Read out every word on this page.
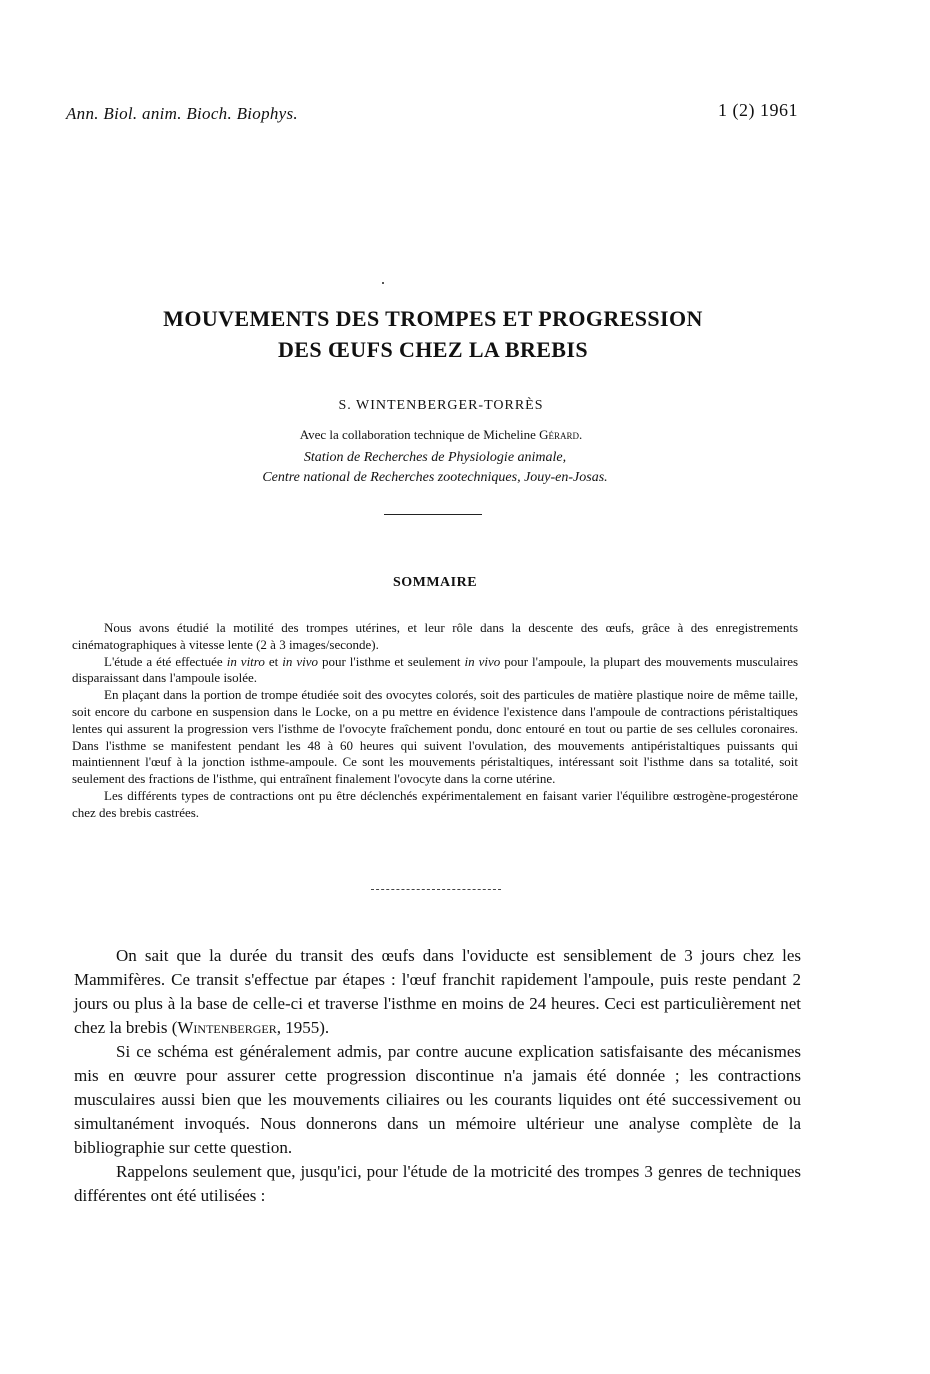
Ann. Biol. anim. Bioch. Biophys.	1 (2) 1961
MOUVEMENTS DES TROMPES ET PROGRESSION
DES ŒUFS CHEZ LA BREBIS
S. WINTENBERGER-TORRÈS
Avec la collaboration technique de Micheline Gérard.
Station de Recherches de Physiologie animale,
Centre national de Recherches zootechniques, Jouy-en-Josas.
SOMMAIRE

Nous avons étudié la motilité des trompes utérines, et leur rôle dans la descente des œufs, grâce à des enregistrements cinématographiques à vitesse lente (2 à 3 images/seconde).

L'étude a été effectuée in vitro et in vivo pour l'isthme et seulement in vivo pour l'ampoule, la plupart des mouvements musculaires disparaissant dans l'ampoule isolée.

En plaçant dans la portion de trompe étudiée soit des ovocytes colorés, soit des particules de matière plastique noire de même taille, soit encore du carbone en suspension dans le Locke, on a pu mettre en évidence l'existence dans l'ampoule de contractions péristaltiques lentes qui assurent la progression vers l'isthme de l'ovocyte fraîchement pondu, donc entouré en tout ou partie de ses cellules coronaires. Dans l'isthme se manifestent pendant les 48 à 60 heures qui suivent l'ovulation, des mouvements antipéristaltiques puissants qui maintiennent l'œuf à la jonction isthme-ampoule. Ce sont les mouvements péristaltiques, intéressant soit l'isthme dans sa totalité, soit seulement des fractions de l'isthme, qui entraînent finalement l'ovocyte dans la corne utérine.

Les différents types de contractions ont pu être déclenchés expérimentalement en faisant varier l'équilibre œstrogène-progestérone chez des brebis castrées.

On sait que la durée du transit des œufs dans l'oviducte est sensiblement de 3 jours chez les Mammifères. Ce transit s'effectue par étapes : l'œuf franchit rapidement l'ampoule, puis reste pendant 2 jours ou plus à la base de celle-ci et traverse l'isthme en moins de 24 heures. Ceci est particulièrement net chez la brebis (Wintenberger, 1955).

Si ce schéma est généralement admis, par contre aucune explication satisfaisante des mécanismes mis en œuvre pour assurer cette progression discontinue n'a jamais été donnée ; les contractions musculaires aussi bien que les mouvements ciliaires ou les courants liquides ont été successivement ou simultanément invoqués. Nous donnerons dans un mémoire ultérieur une analyse complète de la bibliographie sur cette question.

Rappelons seulement que, jusqu'ici, pour l'étude de la motricité des trompes 3 genres de techniques différentes ont été utilisées :
